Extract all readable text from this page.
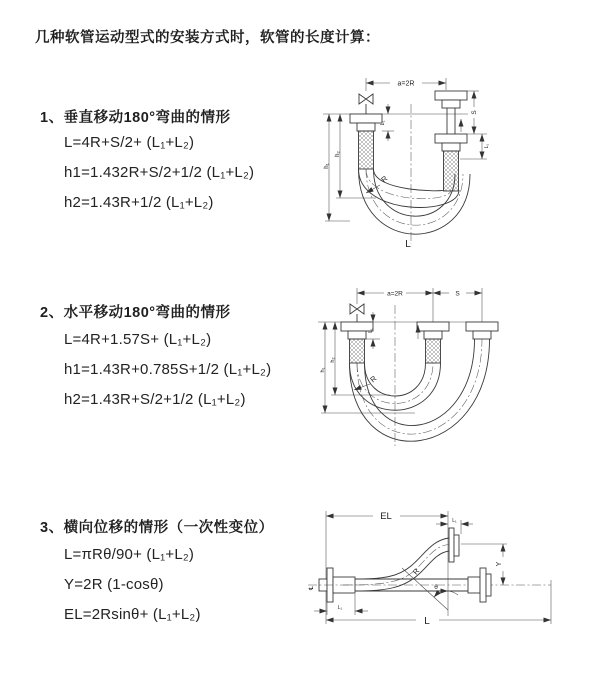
几种软管运动型式的安装方式时，软管的长度计算：
1、垂直移动180°弯曲的情形
L=4R+S/2+ (L₁+L₂)
h1=1.432R+S/2+1/2 (L₁+L₂)
h2=1.43R+1/2 (L₁+L₂)
2、水平移动180°弯曲的情形
L=4R+1.57S+ (L₁+L₂)
h1=1.43R+0.785S+1/2 (L₁+L₂)
h2=1.43R+S/2+1/2 (L₁+L₂)
3、横向位移的情形（一次性变位）
L=πRθ/90+ (L₁+L₂)
Y=2R (1-cosθ)
EL=2Rsinθ+ (L₁+L₂)
a=2R
L₁
S
L₁
h₁
h₂
R
L
a=2R	S
L₁
h₁
h₂
R
EL	L₁
℄
R
θ
Y
L
L₁
